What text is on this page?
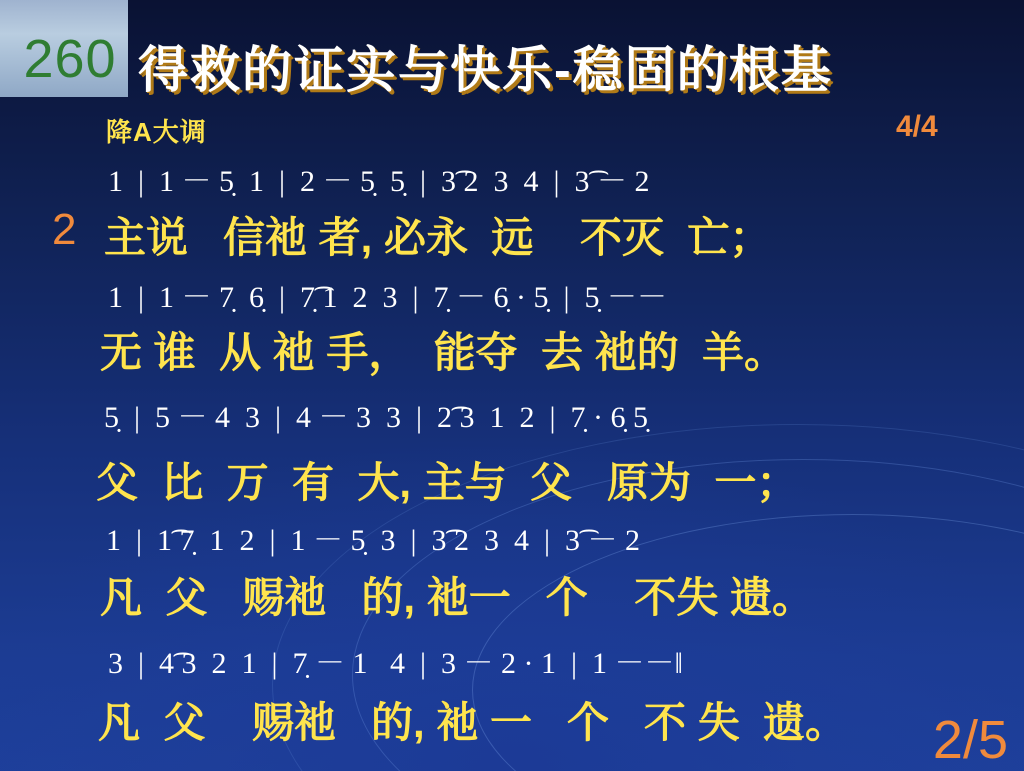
260 得救的证实与快乐-稳固的根基
降A大调	4/4
2
1  |  1 － 5̣  1  |  2 － 5̣  5̣  |  3͡ 2  3  4  |  3͡ － 2
主说   信祂 者, 必永  远    不灭  亡；
1  |  1 － 7̣  6̣  |  7̣͡ 1  2  3  |  7̣ － 6̣ · 5̣  |  5̣ －－
无 谁  从 祂 手，  能夺  去 祂的  羊。
5̣  |  5 － 4  3  |  4 － 3  3  |  2͡ 3  1  2  |  7̣ · 6̣ 5̣
父  比  万  有  大, 主与  父   原为  一；
1  |  1͡ 7̣  1  2  |  1 － 5̣  3  |  3͡ 2  3  4  |  3͡ － 2
凡  父   赐祂   的, 祂一   个    不失 遗。
3  |  4͡ 3  2  1  |  7̣ － 1   4  |  3 － 2 · 1  |  1 －－‖
凡  父    赐祂   的, 祂 一   个   不 失  遗。	2/5
